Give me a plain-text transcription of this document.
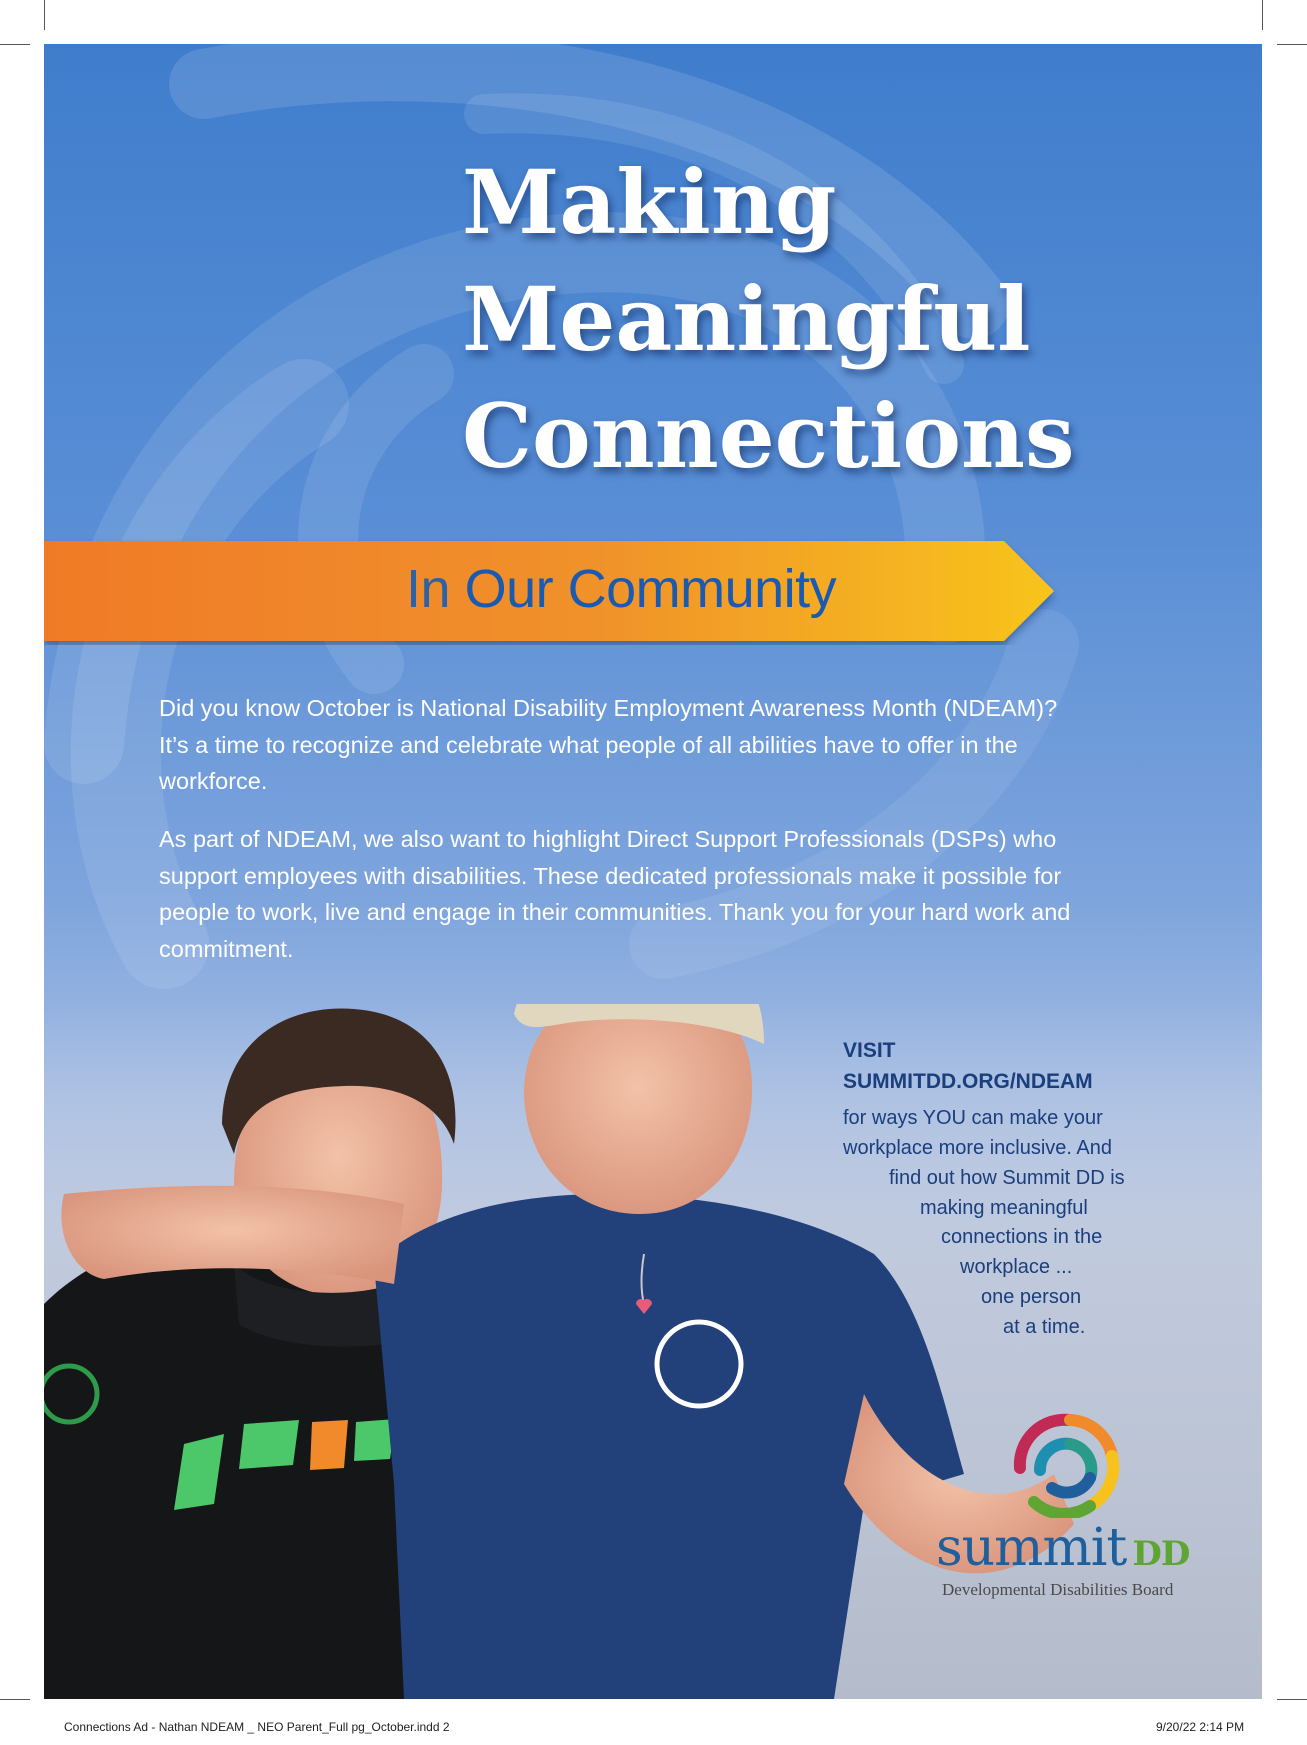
Making
Meaningful
Connections
In Our Community
Did you know October is National Disability Employment Awareness Month (NDEAM)? It’s a time to recognize and celebrate what people of all abilities have to offer in the workforce.
As part of NDEAM, we also want to highlight Direct Support Professionals (DSPs) who support employees with disabilities. These dedicated professionals make it possible for people to work, live and engage in their communities. Thank you for your hard work and commitment.
VISIT
SUMMITDD.ORG/NDEAM
for ways YOU can make your
workplace more inclusive. And
find out how Summit DD is
making meaningful
connections in the
workplace ...
one person
at a time.
summit DD
Developmental Disabilities Board
Connections Ad - Nathan NDEAM _ NEO Parent_Full pg_October.indd 2	9/20/22 2:14 PM
